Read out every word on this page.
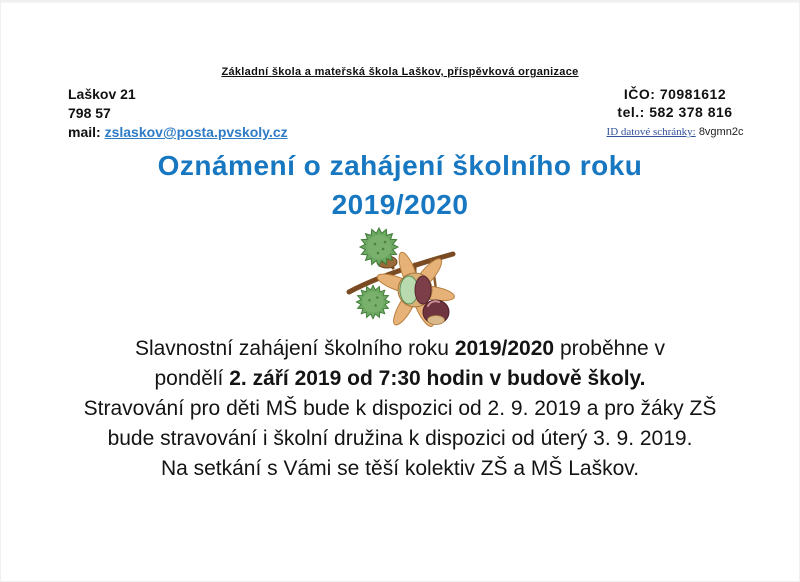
Základní škola a mateřská škola Laškov, příspěvková organizace
Laškov 21
798 57
mail: zslaskov@posta.pvskoly.cz
IČO: 70981612
tel.: 582 378 816
ID datové schránky: 8vgmn2c
Oznámení o zahájení školního roku
2019/2020
Slavnostní zahájení školního roku 2019/2020 proběhne v
pondělí 2. září 2019 od 7:30 hodin v budově školy.
Stravování pro děti MŠ bude k dispozici od 2. 9. 2019 a pro žáky ZŠ
bude stravování i školní družina k dispozici od úterý 3. 9. 2019.
Na setkání s Vámi se těší kolektiv ZŠ a MŠ Laškov.
